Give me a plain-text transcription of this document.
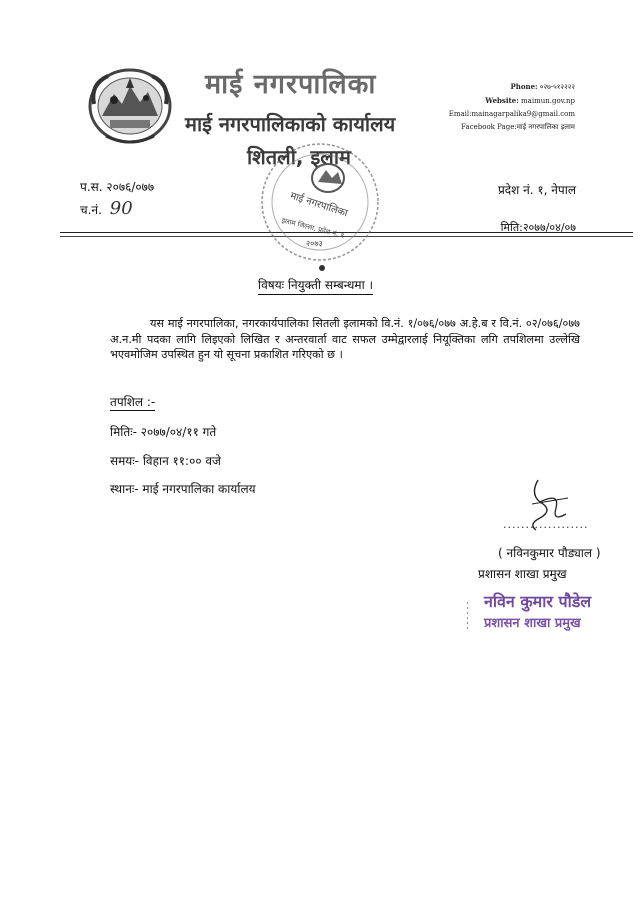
माई नगरपालिका
माई नगरपालिकाको कार्यालय
शितली, इलाम
Phone: ०२७-५१२२२२
Website: maimun.gov.np
Email:mainagarpalika9@gmail.com
Facebook Page:माई नगरपालिका इलाम
प.स. २०७६/०७७
च.नं. 90
प्रदेश नं. १, नेपाल
मिति:२०७७/०४/०७
माई नगरपालिका
इलाम जिल्ला, प्रदेश नं. १
२०७३
विषयः नियुक्ती सम्बन्धमा ।
यस माई नगरपालिका, नगरकार्यपालिका सितली इलामको वि.नं. १/०७६/०७७ अ.हे.ब र वि.नं. ०२/०७६/०७७ अ.न.मी पदका लागि लिइएको लिखित र अन्तरवार्ता वाट सफल उम्मेद्वारलाई नियूक्तिका लगि तपशिलमा उल्लेखि भएवमोजिम उपस्थित हुन यो सूचना प्रकाशित गरिएको छ ।
तपशिल :-
मितिः- २०७७/०४/११ गते
समयः- विहान ११:०० वजे
स्थानः- माई नगरपालिका कार्यालय
...................
( नविनकुमार पौड्याल )
प्रशासन शाखा प्रमुख
नविन कुमार पौडेल
प्रशासन शाखा प्रमुख
